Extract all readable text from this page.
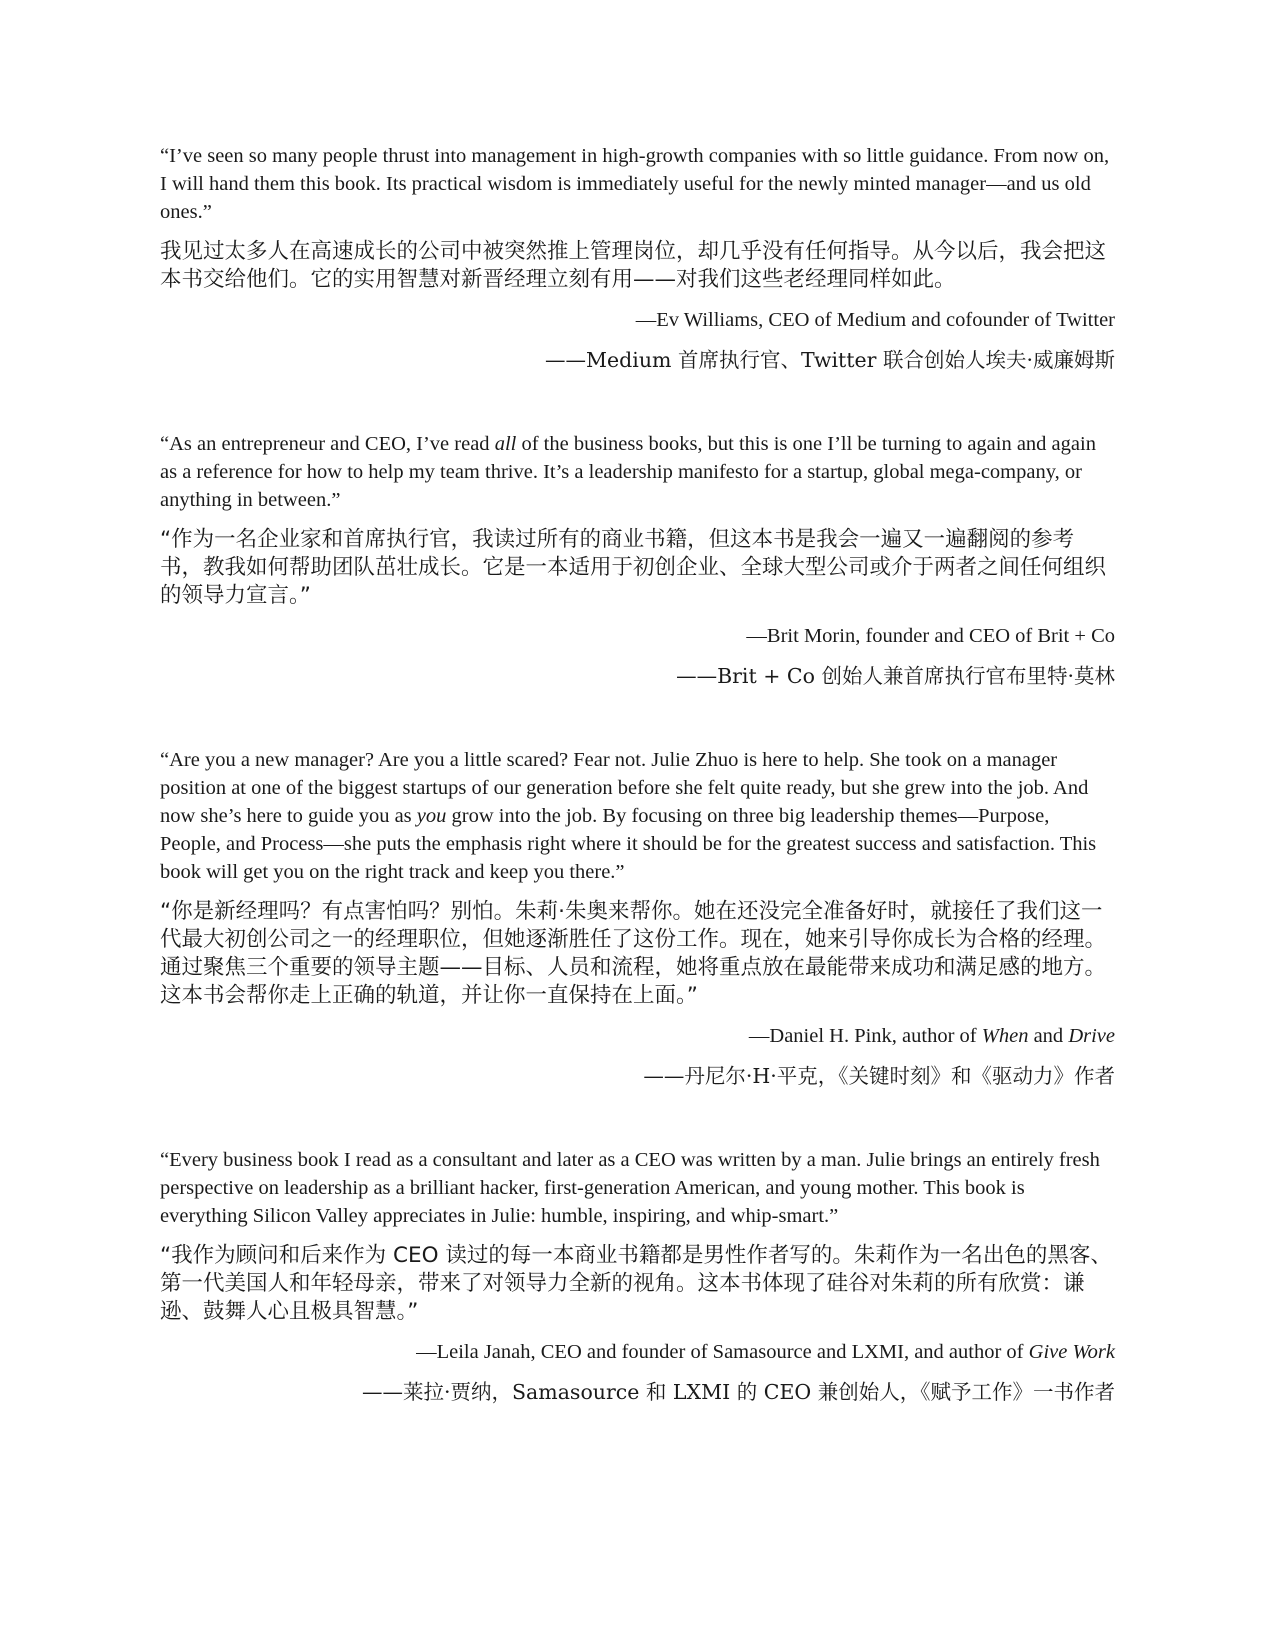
“I’ve seen so many people thrust into management in high-growth companies with so little guidance. From now on, I will hand them this book. Its practical wisdom is immediately useful for the newly minted manager—and us old ones.”

我见过太多人在高速成长的公司中被突然推上管理岗位，却几乎没有任何指导。从今以后，我会把这本书交给他们。它的实用智慧对新晋经理立刻有用——对我们这些老经理同样如此。

—Ev Williams, CEO of Medium and cofounder of Twitter

——Medium 首席执行官、Twitter 联合创始人埃夫·威廉姆斯

“As an entrepreneur and CEO, I’ve read all of the business books, but this is one I’ll be turning to again and again as a reference for how to help my team thrive. It’s a leadership manifesto for a startup, global mega-company, or anything in between.”

“作为一名企业家和首席执行官，我读过所有的商业书籍，但这本书是我会一遍又一遍翻阅的参考书，教我如何帮助团队茁壮成长。它是一本适用于初创企业、全球大型公司或介于两者之间任何组织的领导力宣言。”

—Brit Morin, founder and CEO of Brit + Co

——Brit + Co 创始人兼首席执行官布里特·莫林

“Are you a new manager? Are you a little scared? Fear not. Julie Zhuo is here to help. She took on a manager position at one of the biggest startups of our generation before she felt quite ready, but she grew into the job. And now she’s here to guide you as you grow into the job. By focusing on three big leadership themes—Purpose, People, and Process—she puts the emphasis right where it should be for the greatest success and satisfaction. This book will get you on the right track and keep you there.”

“你是新经理吗？有点害怕吗？别怕。朱莉·朱奥来帮你。她在还没完全准备好时，就接任了我们这一代最大初创公司之一的经理职位，但她逐渐胜任了这份工作。现在，她来引导你成长为合格的经理。通过聚焦三个重要的领导主题——目标、人员和流程，她将重点放在最能带来成功和满足感的地方。这本书会帮你走上正确的轨道，并让你一直保持在上面。”

—Daniel H. Pink, author of When and Drive

——丹尼尔·H·平克，《关键时刻》和《驱动力》作者

“Every business book I read as a consultant and later as a CEO was written by a man. Julie brings an entirely fresh perspective on leadership as a brilliant hacker, first-generation American, and young mother. This book is everything Silicon Valley appreciates in Julie: humble, inspiring, and whip-smart.”

“我作为顾问和后来作为 CEO 读过的每一本商业书籍都是男性作者写的。朱莉作为一名出色的黑客、第一代美国人和年轻母亲，带来了对领导力全新的视角。这本书体现了硅谷对朱莉的所有欣赏：谦逊、鼓舞人心且极具智慧。”

—Leila Janah, CEO and founder of Samasource and LXMI, and author of Give Work

——莱拉·贾纳，Samasource 和 LXMI 的 CEO 兼创始人，《赋予工作》一书作者
